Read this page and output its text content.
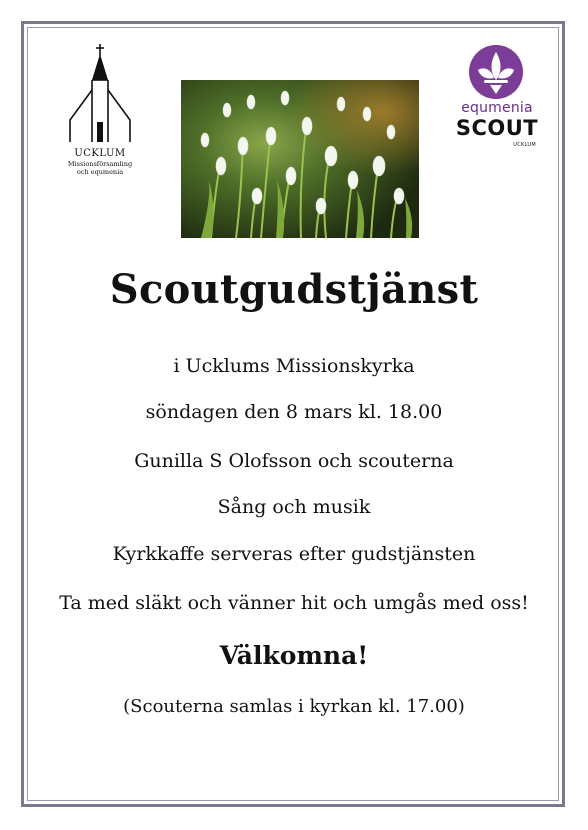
UCKLUM
Missionsförsamling
och equmenia
equmenia
SCOUT
UCKLUM
Scoutgudstjänst
i Ucklums Missionskyrka
söndagen den 8 mars kl. 18.00
Gunilla S Olofsson och scouterna
Sång och musik
Kyrkkaffe serveras efter gudstjänsten
Ta med släkt och vänner hit och umgås med oss!
Välkomna!
(Scouterna samlas i kyrkan kl. 17.00)
